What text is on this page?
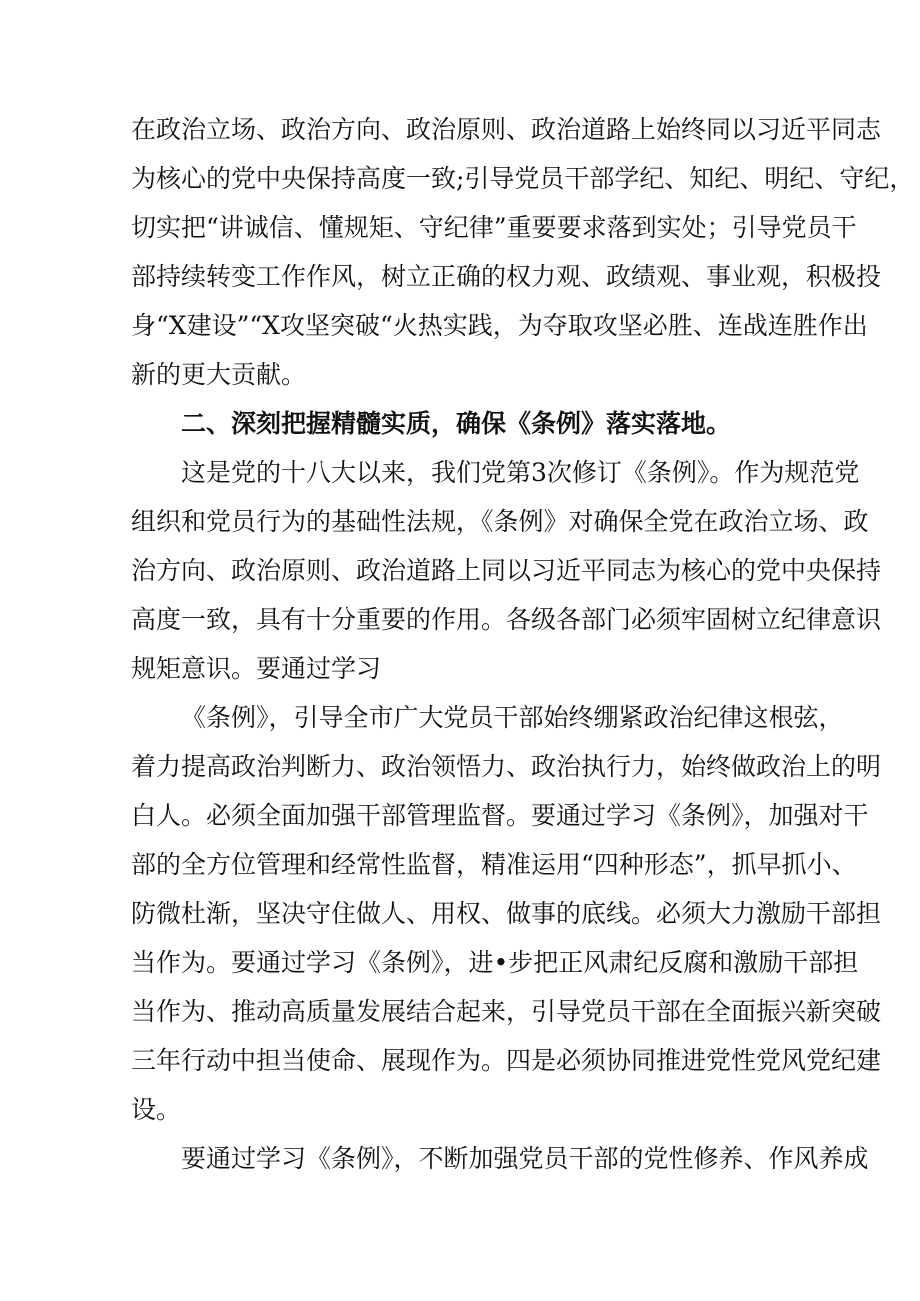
在政治立场、政治方向、政治原则、政治道路上始终同以习近平同志
为核心的党中央保持高度一致;引导党员干部学纪、知纪、明纪、守纪，
切实把“讲诚信、懂规矩、守纪律”重要要求落到实处；引导党员干
部持续转变工作作风，树立正确的权力观、政绩观、事业观，积极投
身“X建设”“X攻坚突破“火热实践，为夺取攻坚必胜、连战连胜作出
新的更大贡献。
二、深刻把握精髓实质，确保《条例》落实落地。
这是党的十八大以来，我们党第3次修订《条例》。作为规范党
组织和党员行为的基础性法规，《条例》对确保全党在政治立场、政
治方向、政治原则、政治道路上同以习近平同志为核心的党中央保持
高度一致，具有十分重要的作用。各级各部门必须牢固树立纪律意识
规矩意识。要通过学习
《条例》，引导全市广大党员干部始终绷紧政治纪律这根弦，
着力提高政治判断力、政治领悟力、政治执行力，始终做政治上的明
白人。必须全面加强干部管理监督。要通过学习《条例》，加强对干
部的全方位管理和经常性监督，精准运用“四种形态”，抓早抓小、
防微杜渐，坚决守住做人、用权、做事的底线。必须大力激励干部担
当作为。要通过学习《条例》，进•步把正风肃纪反腐和激励干部担
当作为、推动高质量发展结合起来，引导党员干部在全面振兴新突破
三年行动中担当使命、展现作为。四是必须协同推进党性党风党纪建
设。
要通过学习《条例》，不断加强党员干部的党性修养、作风养成
